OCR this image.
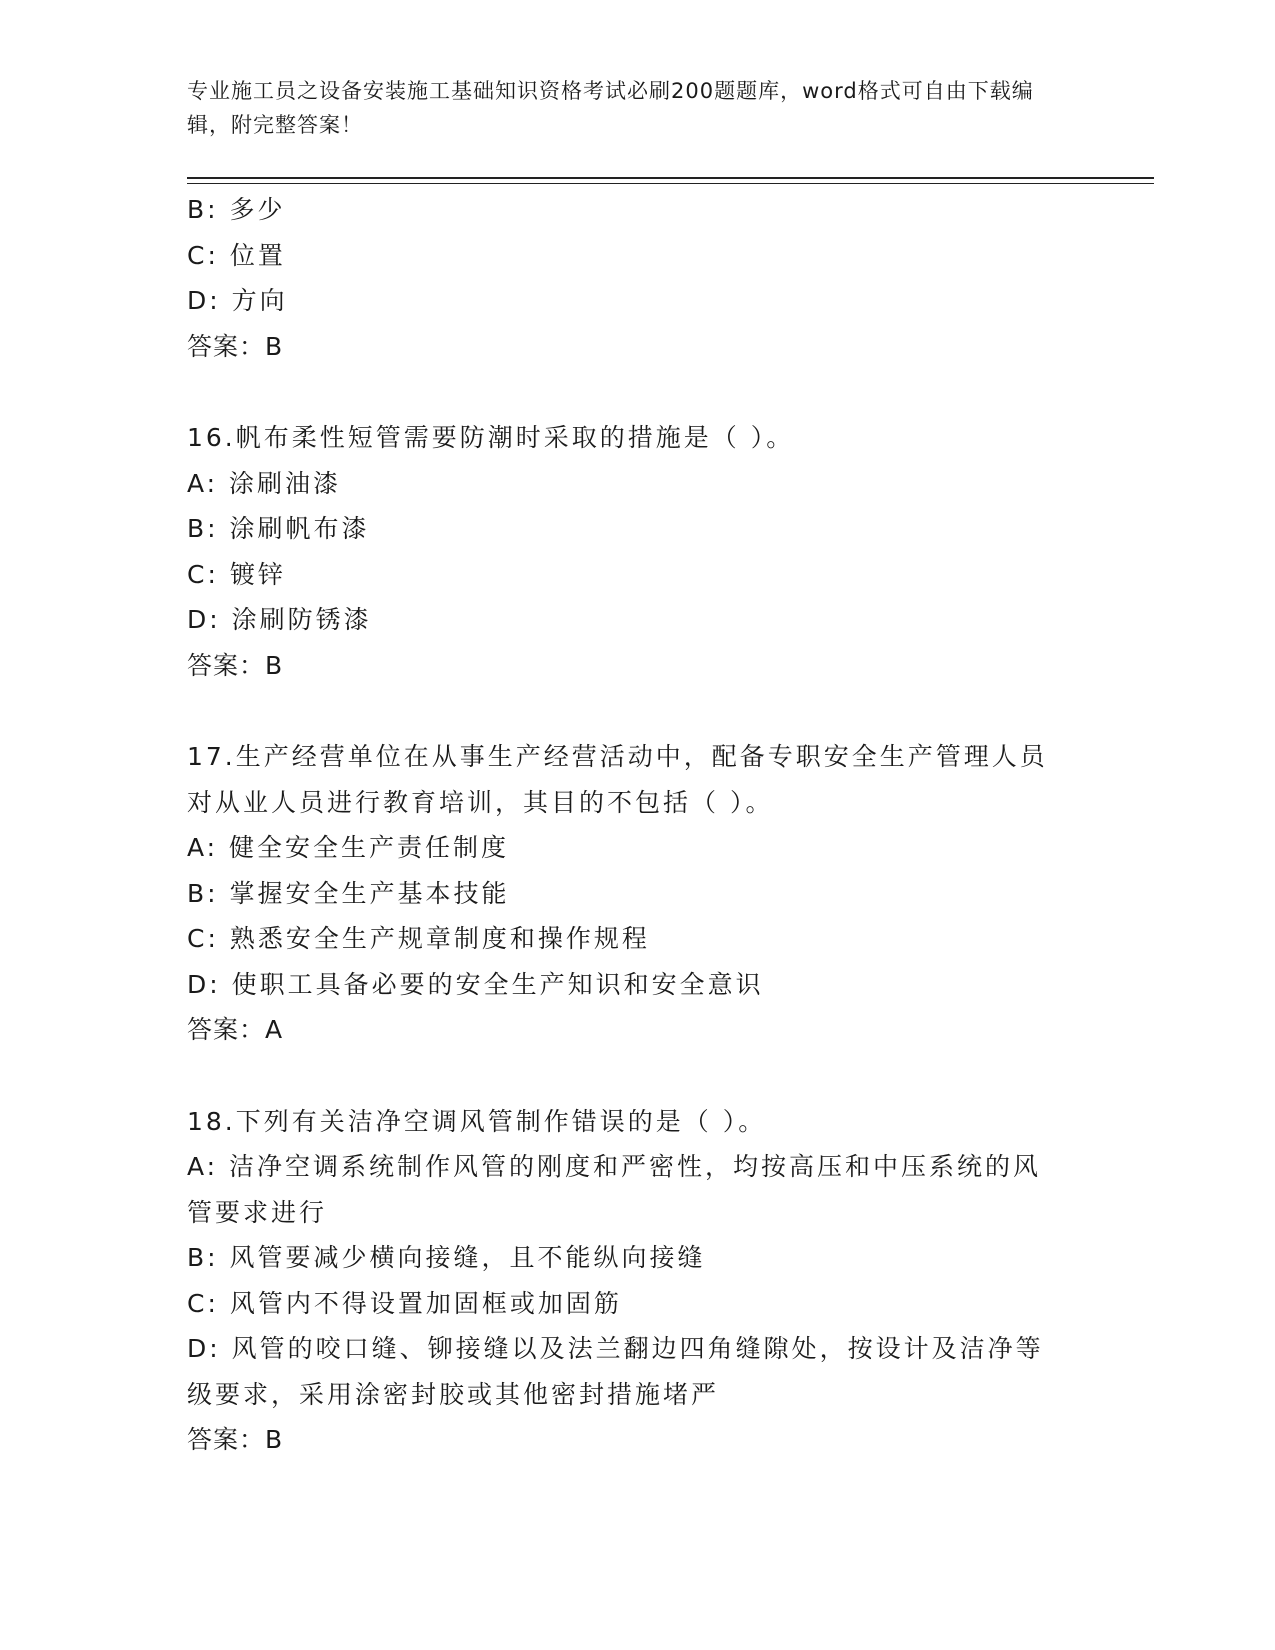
专业施工员之设备安装施工基础知识资格考试必刷200题题库，word格式可自由下载编辑，附完整答案！
B: 多少
C: 位置
D: 方向
答案：B
16.帆布柔性短管需要防潮时采取的措施是（ ）。
A: 涂刷油漆
B: 涂刷帆布漆
C: 镀锌
D: 涂刷防锈漆
答案：B
17.生产经营单位在从事生产经营活动中，配备专职安全生产管理人员对从业人员进行教育培训，其目的不包括（ ）。
A: 健全安全生产责任制度
B: 掌握安全生产基本技能
C: 熟悉安全生产规章制度和操作规程
D: 使职工具备必要的安全生产知识和安全意识
答案：A
18.下列有关洁净空调风管制作错误的是（ ）。
A: 洁净空调系统制作风管的刚度和严密性，均按高压和中压系统的风管要求进行
B: 风管要减少横向接缝，且不能纵向接缝
C: 风管内不得设置加固框或加固筋
D: 风管的咬口缝、铆接缝以及法兰翻边四角缝隙处，按设计及洁净等级要求，采用涂密封胶或其他密封措施堵严
答案：B
